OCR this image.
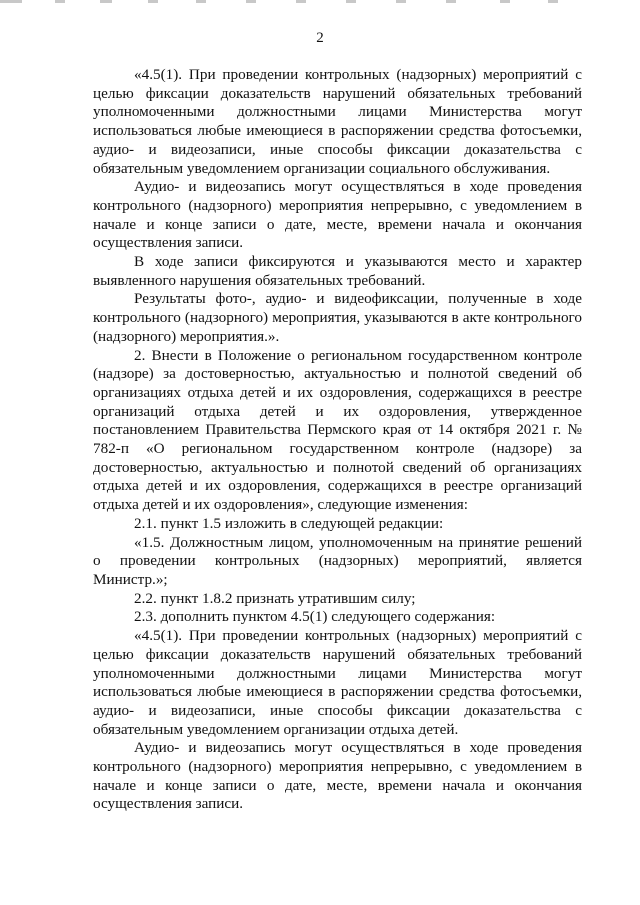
2

«4.5(1). При проведении контрольных (надзорных) мероприятий с целью фиксации доказательств нарушений обязательных требований уполномоченными должностными лицами Министерства могут использоваться любые имеющиеся в распоряжении средства фотосъемки, аудио- и видеозаписи, иные способы фиксации доказательства с обязательным уведомлением организации социального обслуживания.

Аудио- и видеозапись могут осуществляться в ходе проведения контрольного (надзорного) мероприятия непрерывно, с уведомлением в начале и конце записи о дате, месте, времени начала и окончания осуществления записи.

В ходе записи фиксируются и указываются место и характер выявленного нарушения обязательных требований.

Результаты фото-, аудио- и видеофиксации, полученные в ходе контрольного (надзорного) мероприятия, указываются в акте контрольного (надзорного) мероприятия.».

2. Внести в Положение о региональном государственном контроле (надзоре) за достоверностью, актуальностью и полнотой сведений об организациях отдыха детей и их оздоровления, содержащихся в реестре организаций отдыха детей и их оздоровления, утвержденное постановлением Правительства Пермского края от 14 октября 2021 г. № 782-п «О региональном государственном контроле (надзоре) за достоверностью, актуальностью и полнотой сведений об организациях отдыха детей и их оздоровления, содержащихся в реестре организаций отдыха детей и их оздоровления», следующие изменения:

2.1. пункт 1.5 изложить в следующей редакции:

«1.5. Должностным лицом, уполномоченным на принятие решений о проведении контрольных (надзорных) мероприятий, является Министр.»;

2.2. пункт 1.8.2 признать утратившим силу;

2.3. дополнить пунктом 4.5(1) следующего содержания:

«4.5(1). При проведении контрольных (надзорных) мероприятий с целью фиксации доказательств нарушений обязательных требований уполномоченными должностными лицами Министерства могут использоваться любые имеющиеся в распоряжении средства фотосъемки, аудио- и видеозаписи, иные способы фиксации доказательства с обязательным уведомлением организации отдыха детей.

Аудио- и видеозапись могут осуществляться в ходе проведения контрольного (надзорного) мероприятия непрерывно, с уведомлением в начале и конце записи о дате, месте, времени начала и окончания осуществления записи.
